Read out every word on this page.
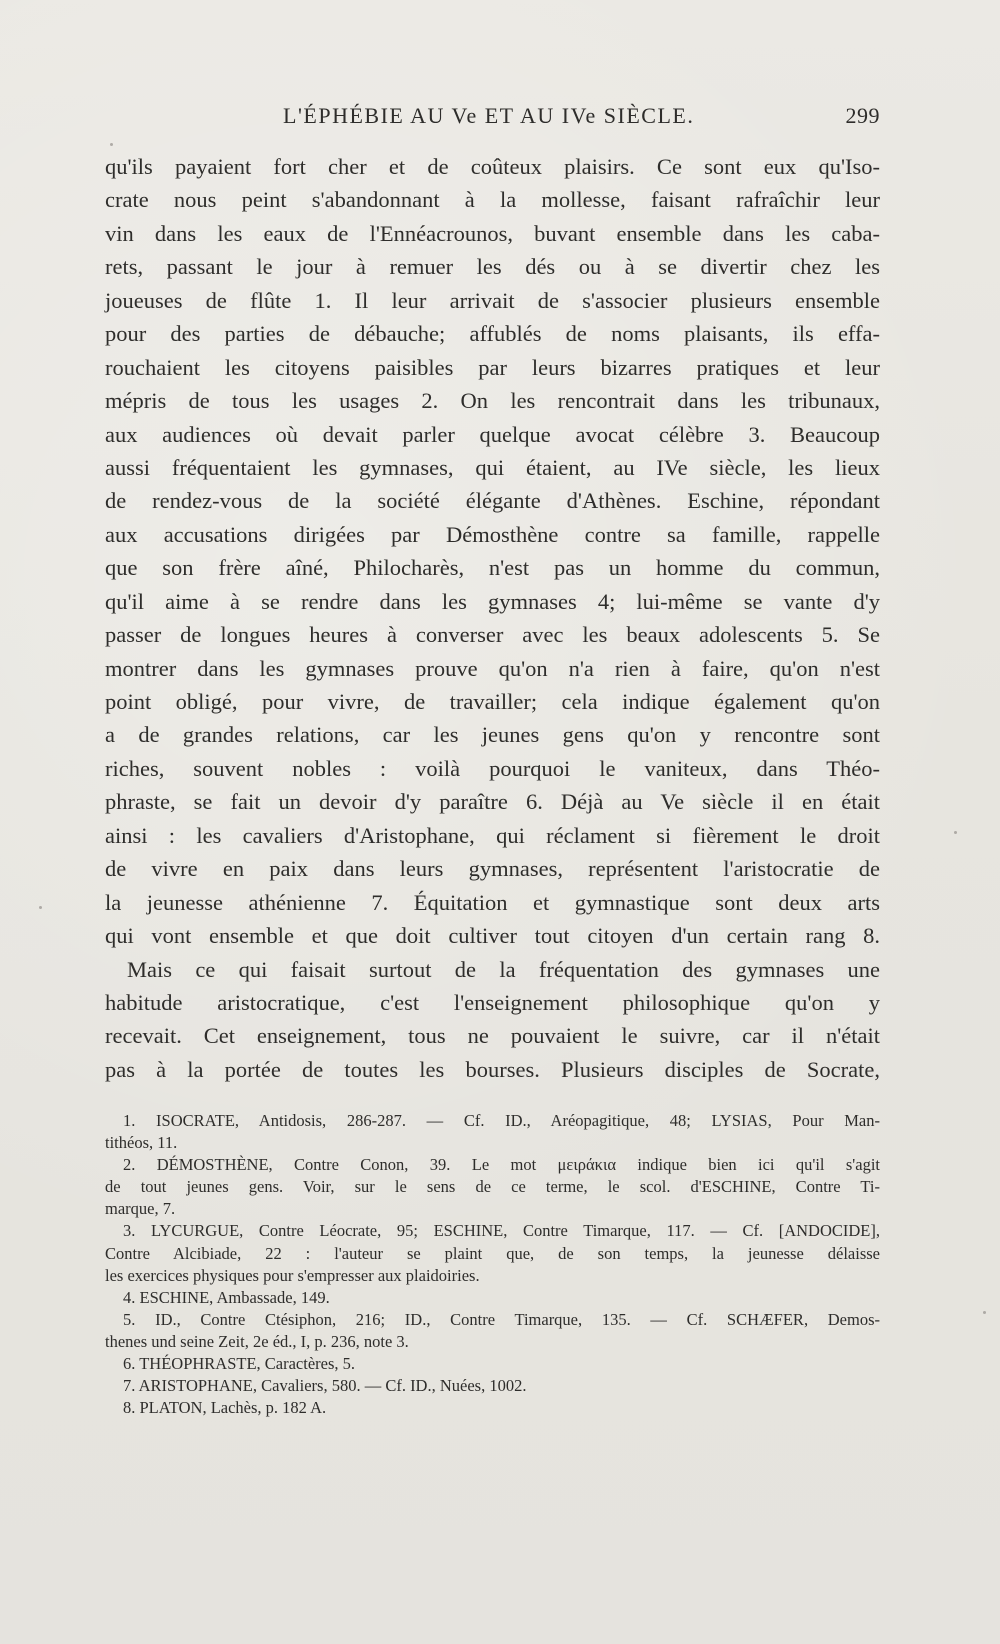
L'ÉPHÉBIE AU Ve ET AU IVe SIÈCLE.	299
qu'ils payaient fort cher et de coûteux plaisirs. Ce sont eux qu'Iso-
crate nous peint s'abandonnant à la mollesse, faisant rafraîchir leur
vin dans les eaux de l'Ennéacrounos, buvant ensemble dans les caba-
rets, passant le jour à remuer les dés ou à se divertir chez les
joueuses de flûte 1. Il leur arrivait de s'associer plusieurs ensemble
pour des parties de débauche; affublés de noms plaisants, ils effa-
rouchaient les citoyens paisibles par leurs bizarres pratiques et leur
mépris de tous les usages 2. On les rencontrait dans les tribunaux,
aux audiences où devait parler quelque avocat célèbre 3. Beaucoup
aussi fréquentaient les gymnases, qui étaient, au IVe siècle, les lieux
de rendez-vous de la société élégante d'Athènes. Eschine, répondant
aux accusations dirigées par Démosthène contre sa famille, rappelle
que son frère aîné, Philocharès, n'est pas un homme du commun,
qu'il aime à se rendre dans les gymnases 4; lui-même se vante d'y
passer de longues heures à converser avec les beaux adolescents 5. Se
montrer dans les gymnases prouve qu'on n'a rien à faire, qu'on n'est
point obligé, pour vivre, de travailler; cela indique également qu'on
a de grandes relations, car les jeunes gens qu'on y rencontre sont
riches, souvent nobles : voilà pourquoi le vaniteux, dans Théo-
phraste, se fait un devoir d'y paraître 6. Déjà au Ve siècle il en était
ainsi : les cavaliers d'Aristophane, qui réclament si fièrement le droit
de vivre en paix dans leurs gymnases, représentent l'aristocratie de
la jeunesse athénienne 7. Équitation et gymnastique sont deux arts
qui vont ensemble et que doit cultiver tout citoyen d'un certain rang 8.
Mais ce qui faisait surtout de la fréquentation des gymnases une
habitude aristocratique, c'est l'enseignement philosophique qu'on y
recevait. Cet enseignement, tous ne pouvaient le suivre, car il n'était
pas à la portée de toutes les bourses. Plusieurs disciples de Socrate,
1. ISOCRATE, Antidosis, 286-287. — Cf. ID., Aréopagitique, 48; LYSIAS, Pour Man-
tithéos, 11.
2. DÉMOSTHÈNE, Contre Conon, 39. Le mot μειράκια indique bien ici qu'il s'agit
de tout jeunes gens. Voir, sur le sens de ce terme, le scol. d'ESCHINE, Contre Ti-
marque, 7.
3. LYCURGUE, Contre Léocrate, 95; ESCHINE, Contre Timarque, 117. — Cf. [ANDOCIDE],
Contre Alcibiade, 22 : l'auteur se plaint que, de son temps, la jeunesse délaisse
les exercices physiques pour s'empresser aux plaidoiries.
4. ESCHINE, Ambassade, 149.
5. ID., Contre Ctésiphon, 216; ID., Contre Timarque, 135. — Cf. SCHÆFER, Demos-
thenes und seine Zeit, 2e éd., I, p. 236, note 3.
6. THÉOPHRASTE, Caractères, 5.
7. ARISTOPHANE, Cavaliers, 580. — Cf. ID., Nuées, 1002.
8. PLATON, Lachès, p. 182 A.
